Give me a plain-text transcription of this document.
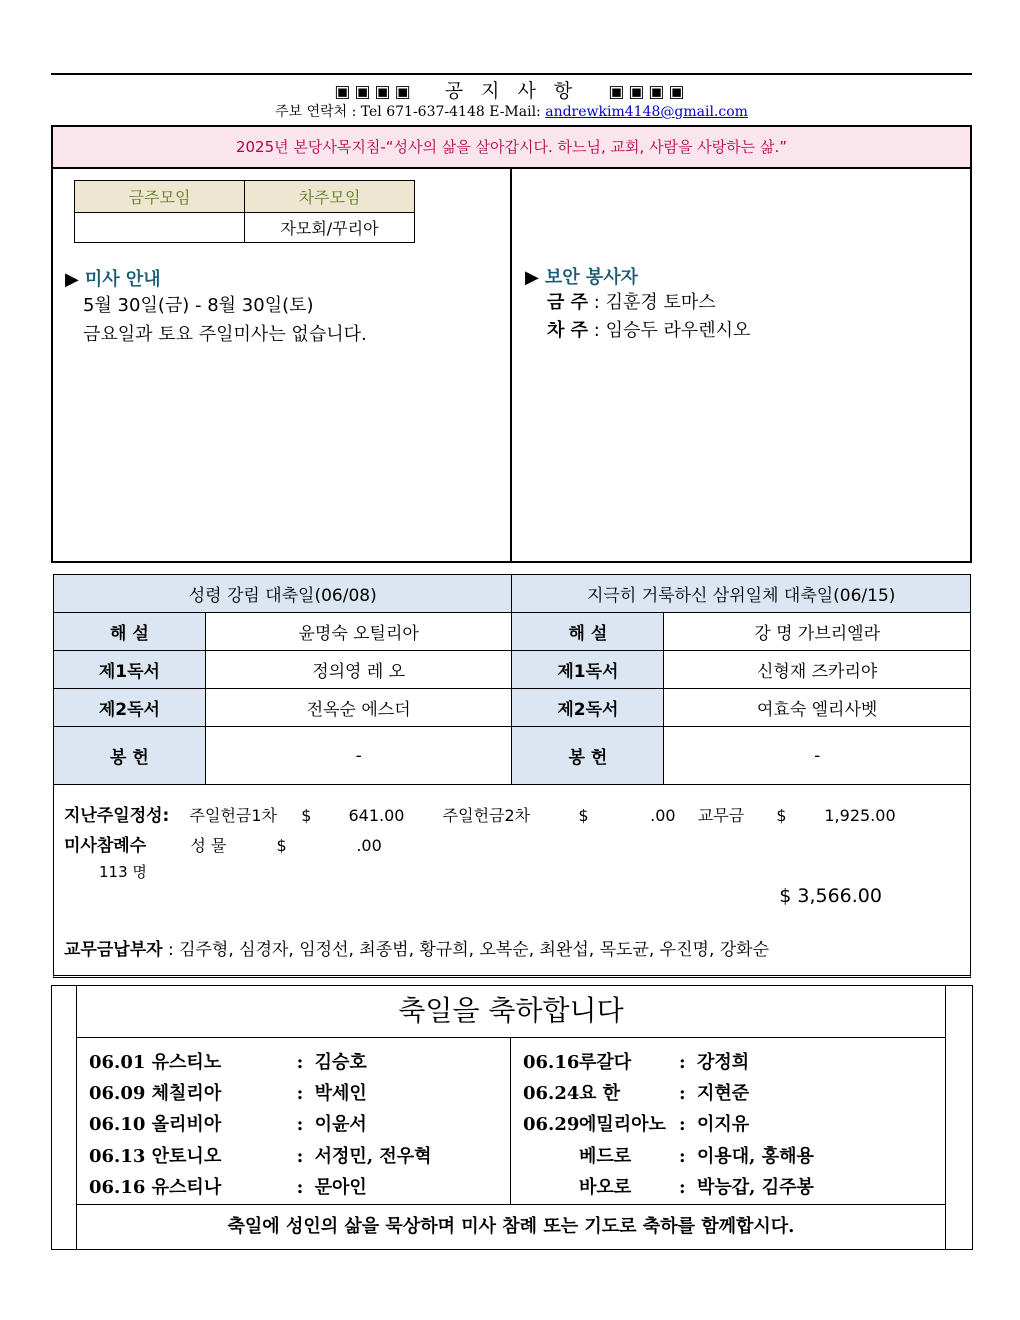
▣▣▣▣ 공 지 사 항 ▣▣▣▣
주보 연락처 : Tel 671-637-4148 E-Mail: andrewkim4148@gmail.com
2025년 본당사목지침-“성사의 삶을 살아갑시다. 하느님, 교회, 사람을 사랑하는 삶.”
금주모임	차주모임
	자모회/꾸리아
▶ 미사 안내
5월 30일(금) - 8월 30일(토)
금요일과 토요 주일미사는 없습니다.
▶ 보안 봉사자
금 주 : 김훈경 토마스
차 주 : 임승두 라우렌시오
성령 강림 대축일(06/08)		지극히 거룩하신 삼위일체 대축일(06/15)	
해 설	윤명숙 오틸리아	해 설	강 명 가브리엘라
제1독서	정의영 레 오	제1독서	신형재 즈카리야
제2독서	전옥순 에스더	제2독서	여효숙 엘리사벳
봉 헌	-	봉 헌	-
지난주일정성: 주일헌금1차 $ 641.00 주일헌금2차	$	.00 교무금 $ 1,925.00
미사참례수	성 물	$	.00
113 명
$ 3,566.00
교무금납부자 : 김주형, 심경자, 임정선, 최종범, 황규희, 오복순, 최완섭, 목도균, 우진명, 강화순
축일을 축하합니다
06.01 유스티노	: 김승호
06.09 체칠리아	: 박세인
06.10 올리비아	: 이윤서
06.13 안토니오	: 서정민, 전우혁
06.16 유스티나	: 문아인
06.16루갈다	: 강정희
06.24요 한	: 지현준
06.29에밀리아노 : 이지유
베드로	: 이용대, 홍해용
바오로	: 박능갑, 김주봉
축일에 성인의 삶을 묵상하며 미사 참례 또는 기도로 축하를 함께합시다.
